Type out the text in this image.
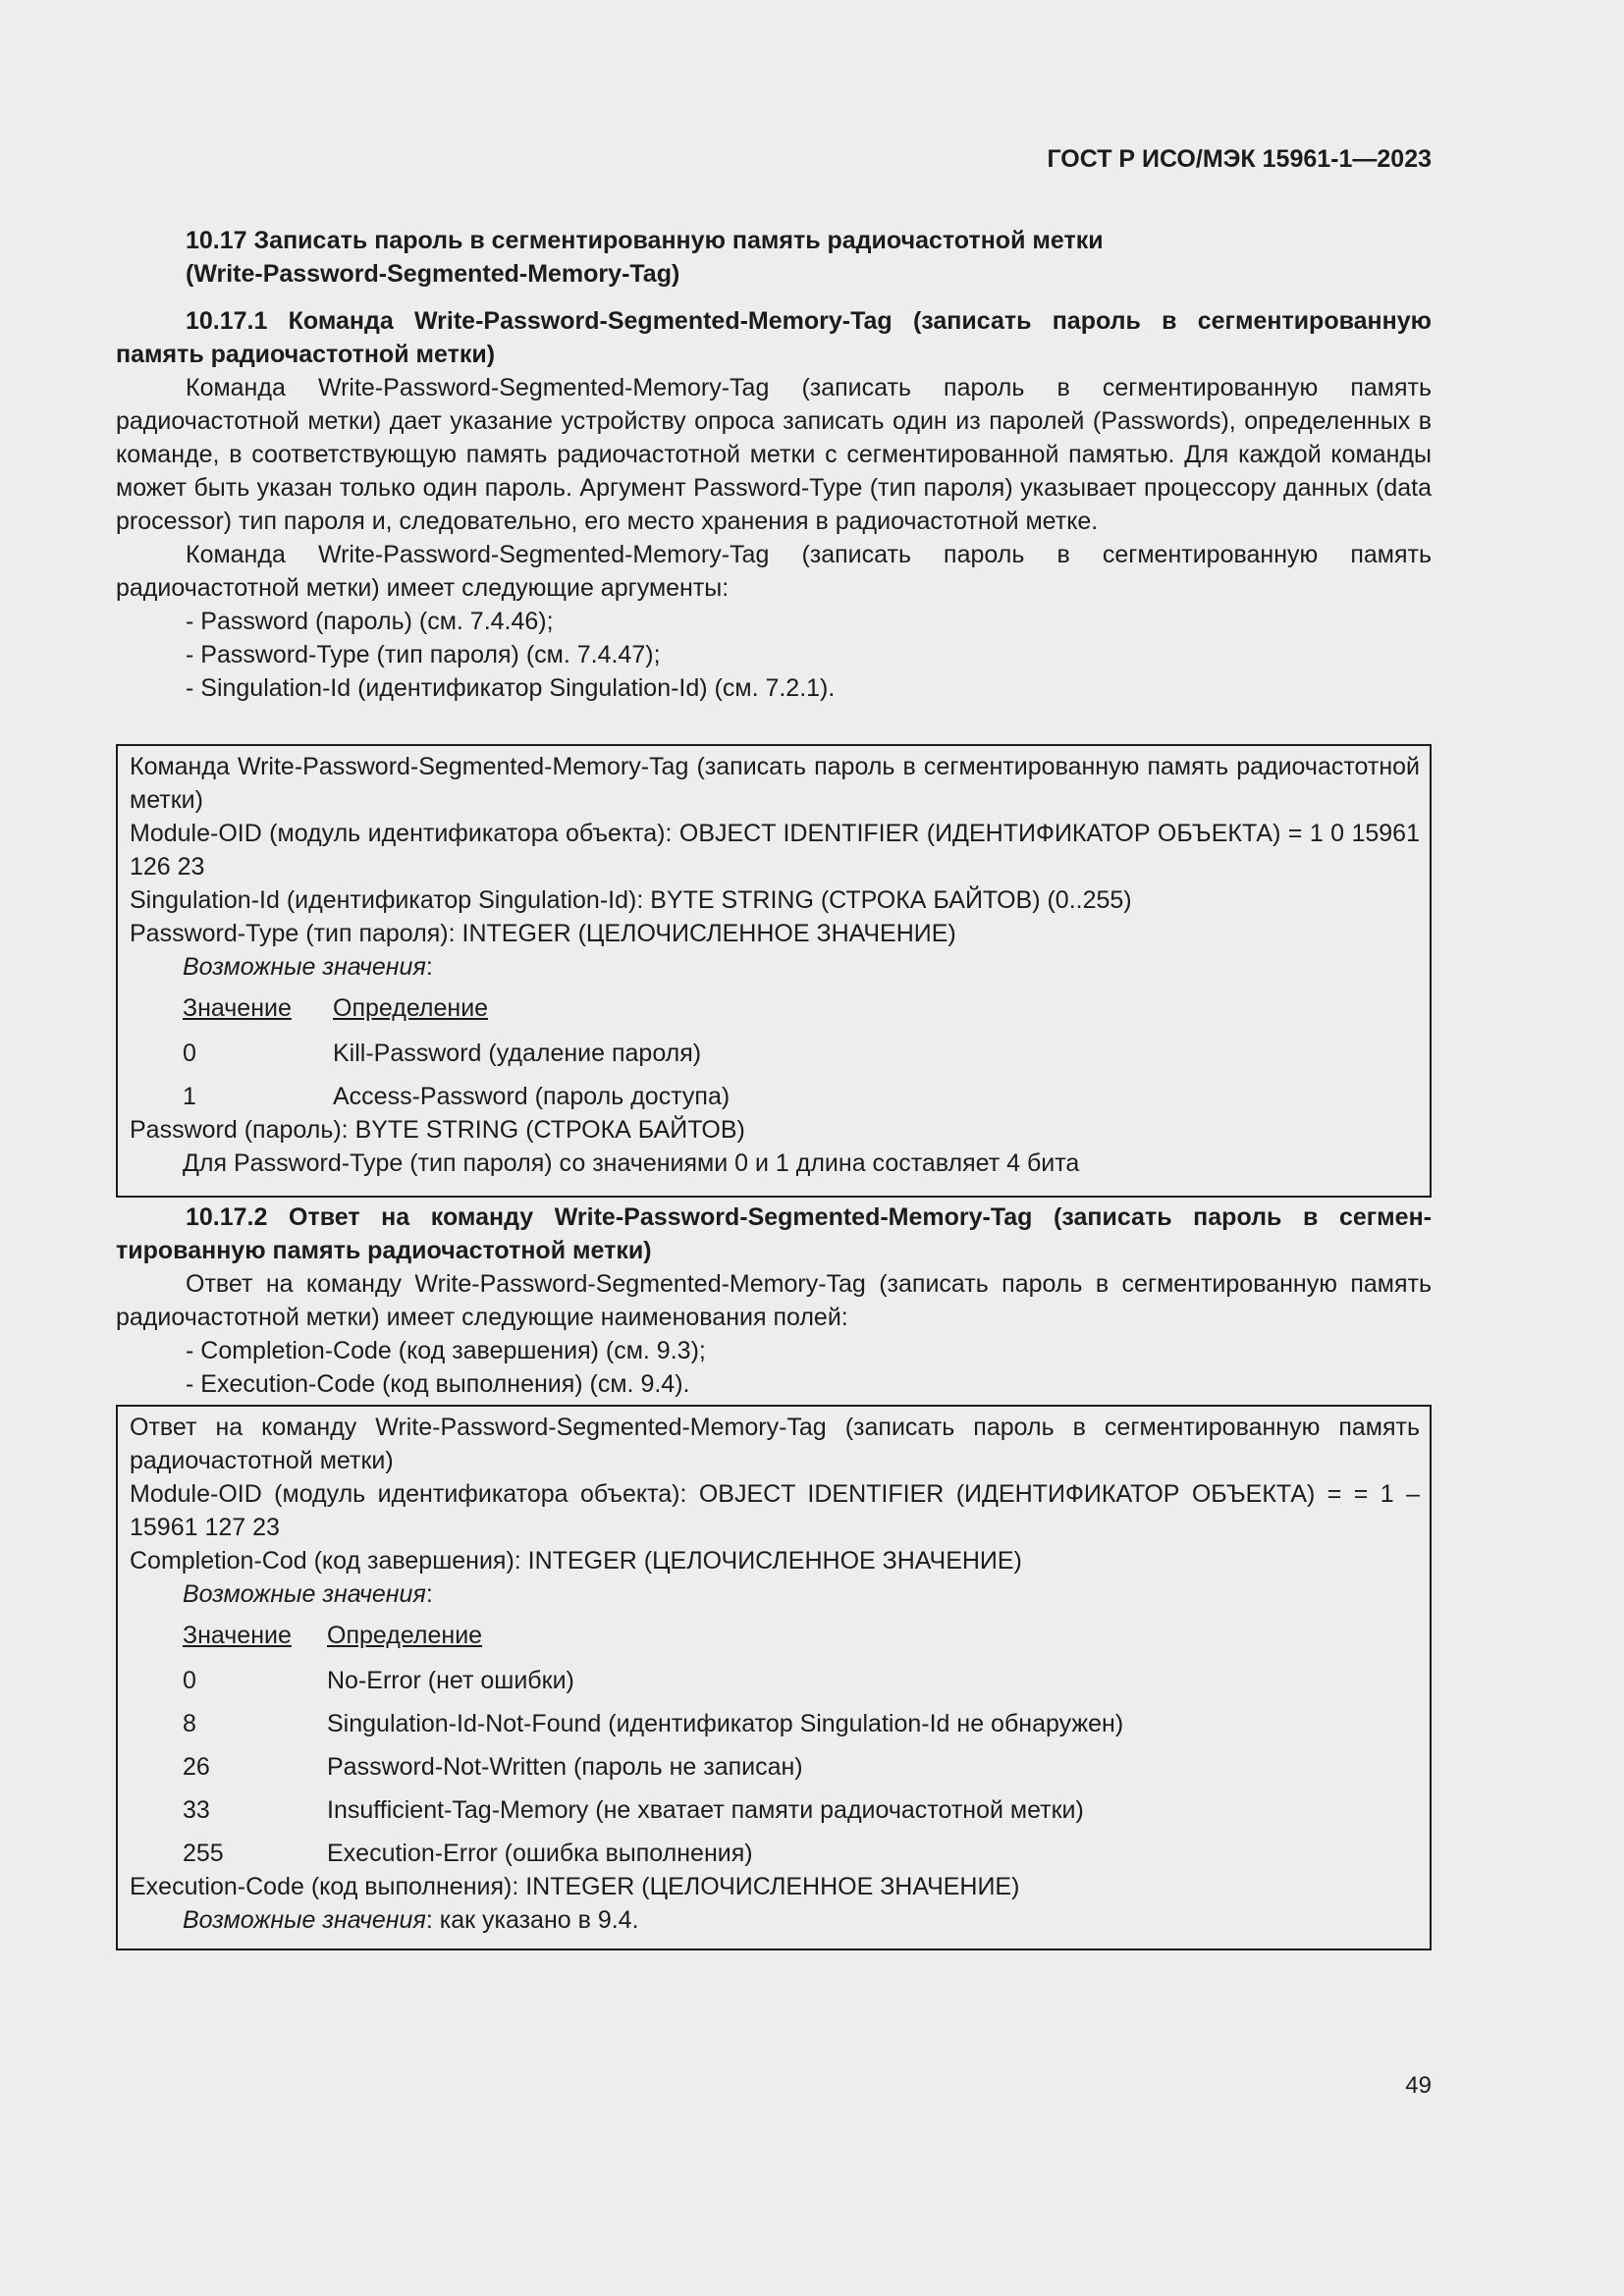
ГОСТ Р ИСО/МЭК 15961-1—2023
10.17 Записать пароль в сегментированную память радиочастотной метки
(Write-Password-Segmented-Memory-Tag)
10.17.1 Команда Write-Password-Segmented-Memory-Tag (записать пароль в сегментированную память радиочастотной метки)

Команда Write-Password-Segmented-Memory-Tag (записать пароль в сегментированную память радиочастотной метки) дает указание устройству опроса записать один из паролей (Passwords), определенных в команде, в соответствующую память радиочастотной метки с сегментированной памятью. Для каждой команды может быть указан только один пароль. Аргумент Password-Type (тип пароля) указывает процессору данных (data processor) тип пароля и, следовательно, его место хранения в радиочастотной метке.

Команда Write-Password-Segmented-Memory-Tag (записать пароль в сегментированную память радиочастотной метки) имеет следующие аргументы:

- Password (пароль) (см. 7.4.46);
- Password-Type (тип пароля) (см. 7.4.47);
- Singulation-Id (идентификатор Singulation-Id) (см. 7.2.1).

Команда Write-Password-Segmented-Memory-Tag (записать пароль в сегментированную память радиочастотной метки)

Module-OID (модуль идентификатора объекта): OBJECT IDENTIFIER (ИДЕНТИФИКАТОР ОБЪЕКТА) = 1 0 15961 126 23

Singulation-Id (идентификатор Singulation-Id): BYTE STRING (СТРОКА БАЙТОВ) (0..255)
Password-Type (тип пароля): INTEGER (ЦЕЛОЧИСЛЕННОЕ ЗНАЧЕНИЕ)
Возможные значения:
Значение	Определение
0	Kill-Password (удаление пароля)
1	Access-Password (пароль доступа)
Password (пароль): BYTE STRING (СТРОКА БАЙТОВ)
Для Password-Type (тип пароля) со значениями 0 и 1 длина составляет 4 бита
10.17.2 Ответ на команду Write-Password-Segmented-Memory-Tag (записать пароль в сегментированную память радиочастотной метки)

Ответ на команду Write-Password-Segmented-Memory-Tag (записать пароль в сегментированную память радиочастотной метки) имеет следующие наименования полей:

- Completion-Code (код завершения) (см. 9.3);
- Execution-Code (код выполнения) (см. 9.4).

Ответ на команду Write-Password-Segmented-Memory-Tag (записать пароль в сегментированную память радиочастотной метки)

Module-OID (модуль идентификатора объекта): OBJECT IDENTIFIER (ИДЕНТИФИКАТОР ОБЪЕКТА) = = 1 – 15961 127 23

Completion-Cod (код завершения): INTEGER (ЦЕЛОЧИСЛЕННОЕ ЗНАЧЕНИЕ)
Возможные значения:
Значение	Определение
0	No-Error (нет ошибки)
8	Singulation-Id-Not-Found (идентификатор Singulation-Id не обнаружен)
26	Password-Not-Written (пароль не записан)
33	Insufficient-Tag-Memory (не хватает памяти радиочастотной метки)
255	Execution-Error (ошибка выполнения)
Execution-Code (код выполнения): INTEGER (ЦЕЛОЧИСЛЕННОЕ ЗНАЧЕНИЕ)
Возможные значения: как указано в 9.4.
49
